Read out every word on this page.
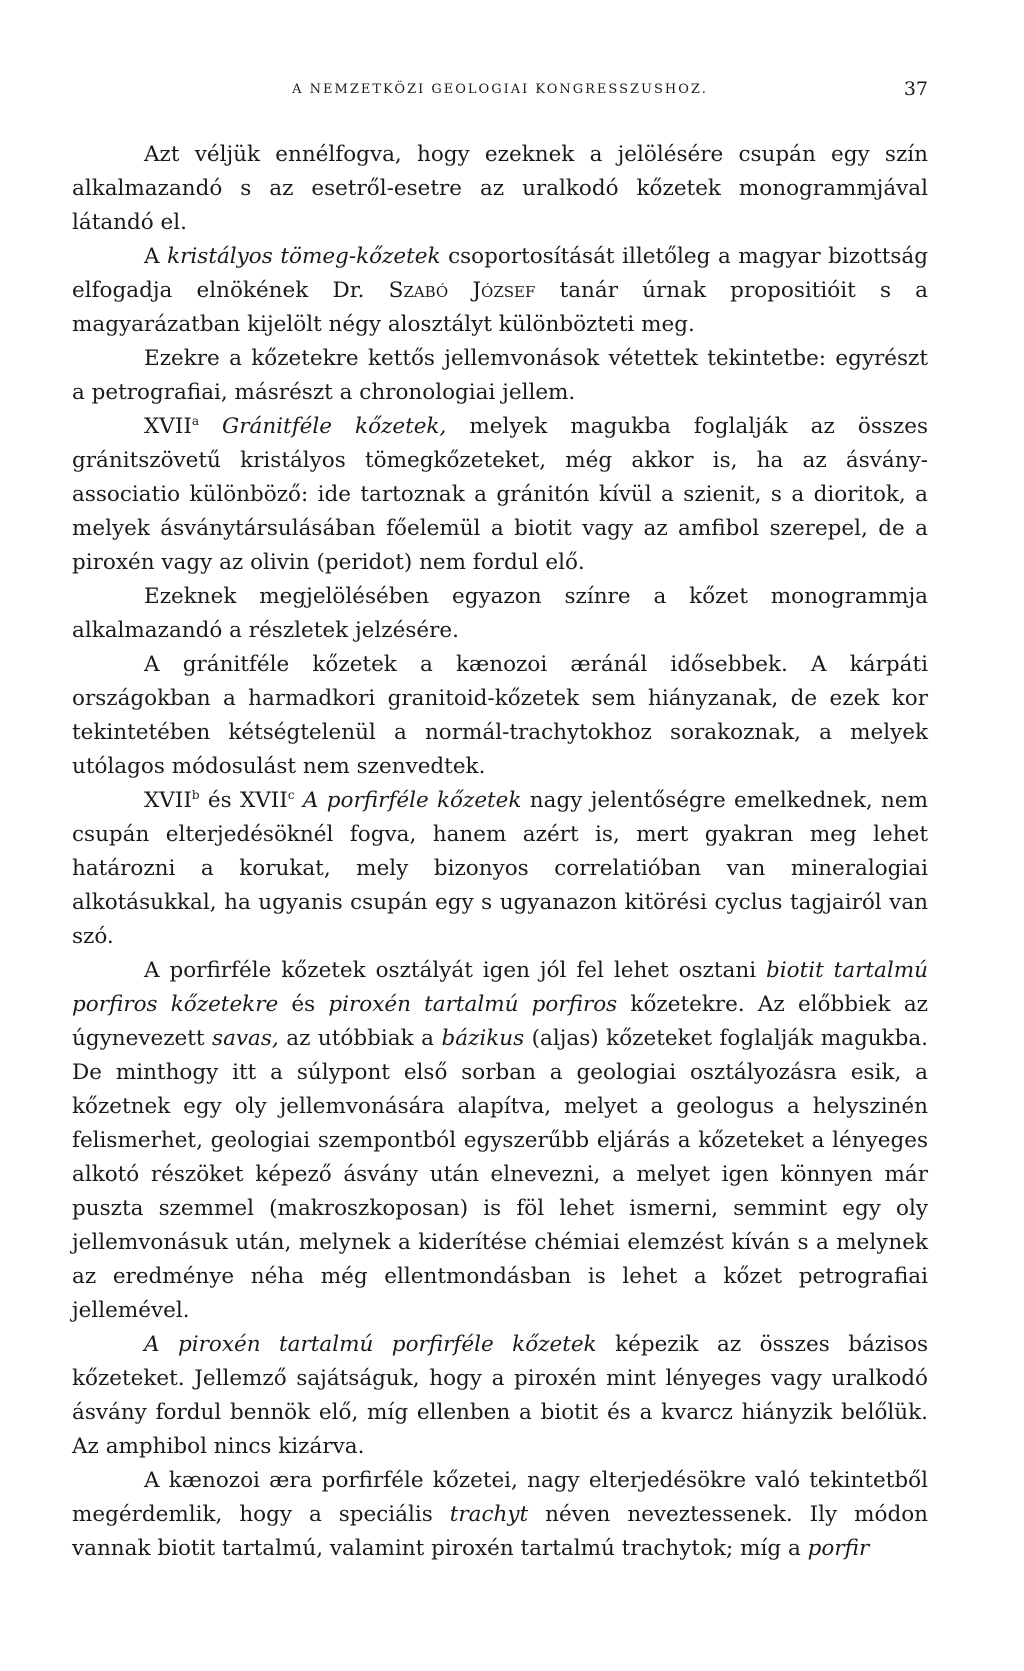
A NEMZETKÖZI GEOLOGIAI KONGRESSZUSHOZ.	37

Azt véljük ennélfogva, hogy ezeknek a jelölésére csupán egy szín alkalmazandó s az esetről-esetre az uralkodó kőzetek monogrammjával látandó el.

A kristályos tömeg-kőzetek csoportosítását illetőleg a magyar bizottság elfogadja elnökének Dr. Szabó József tanár úrnak propositióit s a magyarázatban kijelölt négy alosztályt különbözteti meg.

Ezekre a kőzetekre kettős jellemvonások vétettek tekintetbe: egyrészt a petrografiai, másrészt a chronologiai jellem.

XVII$^a$ Gránitféle kőzetek, melyek magukba foglalják az összes gránitszövetű kristályos tömegkőzeteket, még akkor is, ha az ásvány-associatio különböző: ide tartoznak a gránitón kívül a szienit, s a dioritok, a melyek ásványtársulásában főelemül a biotit vagy az amfibol szerepel, de a piroxén vagy az olivin (peridot) nem fordul elő.

Ezeknek megjelölésében egyazon színre a kőzet monogrammja alkalmazandó a részletek jelzésére.

A gránitféle kőzetek a kænozoi æránál idősebbek. A kárpáti országokban a harmadkori granitoid-kőzetek sem hiányzanak, de ezek kor tekintetében kétségtelenül a normál-trachytokhoz sorakoznak, a melyek utólagos módosulást nem szenvedtek.

XVII$^b$ és XVII$^c$ A porfirféle kőzetek nagy jelentőségre emelkednek, nem csupán elterjedésöknél fogva, hanem azért is, mert gyakran meg lehet határozni a korukat, mely bizonyos correlatióban van mineralogiai alkotásukkal, ha ugyanis csupán egy s ugyanazon kitörési cyclus tagjairól van szó.

A porfirféle kőzetek osztályát igen jól fel lehet osztani biotit tartalmú porfiros kőzetekre és piroxén tartalmú porfiros kőzetekre. Az előbbiek az úgynevezett savas, az utóbbiak a bázikus (aljas) kőzeteket foglalják magukba. De minthogy itt a súlypont első sorban a geologiai osztályozásra esik, a kőzetnek egy oly jellemvonására alapítva, melyet a geologus a helyszinén felismerhet, geologiai szempontból egyszerűbb eljárás a kőzeteket a lényeges alkotó részöket képező ásvány után elnevezni, a melyet igen könnyen már puszta szemmel (makroszkoposan) is föl lehet ismerni, semmint egy oly jellemvonásuk után, melynek a kiderítése chémiai elemzést kíván s a melynek az eredménye néha még ellentmondásban is lehet a kőzet petrografiai jellemével.

A piroxén tartalmú porfirféle kőzetek képezik az összes bázisos kőzeteket. Jellemző sajátságuk, hogy a piroxén mint lényeges vagy uralkodó ásvány fordul bennök elő, míg ellenben a biotit és a kvarcz hiányzik belőlük. Az amphibol nincs kizárva.

A kænozoi æra porfirféle kőzetei, nagy elterjedésökre való tekintetből megérdemlik, hogy a speciális trachyt néven neveztessenek. Ily módon vannak biotit tartalmú, valamint piroxén tartalmú trachytok; míg a porfir
